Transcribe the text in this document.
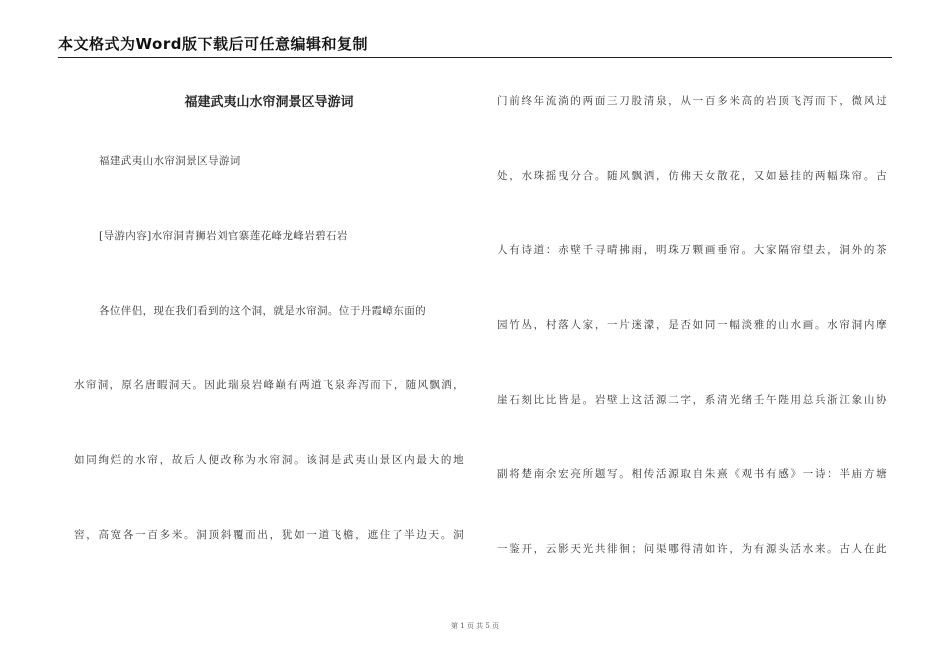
本文格式为Word版下载后可任意编辑和复制
福建武夷山水帘洞景区导游词
福建武夷山水帘洞景区导游词
[导游内容]水帘洞青狮岩刘官寨莲花峰龙峰岩碧石岩
各位伴侣，现在我们看到的这个洞，就是水帘洞。位于丹霞嶂东面的
水帘洞，原名唐暇洞天。因此瑞泉岩峰巅有两道飞泉奔泻而下，随风飘洒，
如同绚烂的水帘，故后人便改称为水帘洞。该洞是武夷山景区内最大的地
窖，高宽各一百多米。洞顶斜覆而出，犹如一道飞檐，遮住了半边天。洞
门前终年流淌的两面三刀股清泉，从一百多米高的岩顶飞泻而下，微风过
处，水珠摇曳分合。随风飘洒，仿佛天女散花，又如悬挂的两幅珠帘。古
人有诗道：赤壁千寻晴拂雨，明珠万颗画垂帘。大家隔帘望去，洞外的茶
园竹丛，村落人家，一片迷濛，是否如同一幅淡雅的山水画。水帘洞内摩
崖石刻比比皆是。岩壁上这活源二字，系清光绪壬午陛用总兵浙江象山协
副将楚南余宏亮所题写。相传活源取自朱熹《观书有感》一诗：半庙方塘
一鉴开，云影天光共徘徊；问渠哪得清如许，为有源头活水来。古人在此
第 1 页 共 5 页
